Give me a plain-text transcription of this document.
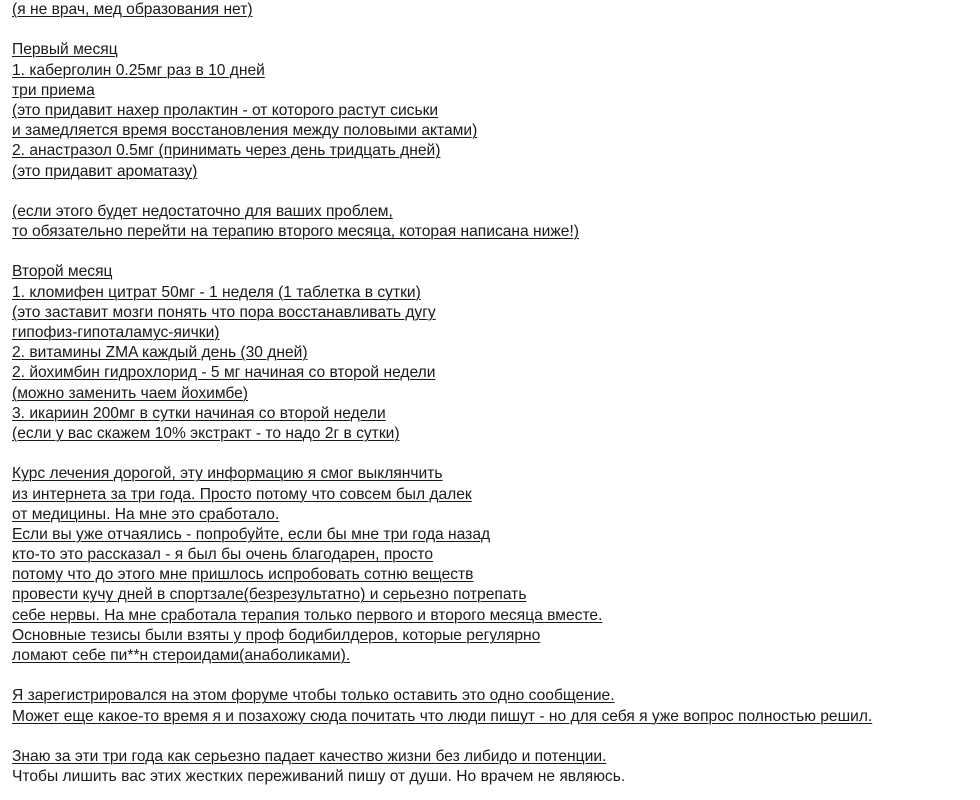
(я не врач, мед образования нет)
Первый месяц
1. каберголин 0.25мг раз в 10 дней
три приема
(это придавит нахер пролактин - от которого растут сиськи
и замедляется время восстановления между половыми актами)
2. анастразол 0.5мг (принимать через день тридцать дней)
(это придавит ароматазу)
(если этого будет недостаточно для ваших проблем,
то обязательно перейти на терапию второго месяца, которая написана ниже!)
Второй месяц
1. кломифен цитрат 50мг - 1 неделя (1 таблетка в сутки)
(это заставит мозги понять что пора восстанавливать дугу
гипофиз-гипоталамус-яички)
2. витамины ZMA каждый день (30 дней)
2. йохимбин гидрохлорид - 5 мг начиная со второй недели
(можно заменить чаем йохимбе)
3. икариин 200мг в сутки начиная со второй недели
(если у вас скажем 10% экстракт - то надо 2г в сутки)
Курс лечения дорогой, эту информацию я смог выклянчить
из интернета за три года. Просто потому что совсем был далек
от медицины. На мне это сработало.
Если вы уже отчаялись - попробуйте, если бы мне три года назад
кто-то это рассказал - я был бы очень благодарен, просто
потому что до этого мне пришлось испробовать сотню веществ
провести кучу дней в спортзале(безрезультатно) и серьезно потрепать
себе нервы. На мне сработала терапия только первого и второго месяца вместе.
Основные тезисы были взяты у проф бодибилдеров, которые регулярно
ломают себе пи**н стероидами(анаболиками).
Я зарегистрировался на этом форуме чтобы только оставить это одно сообщение.
Может еще какое-то время я и позахожу сюда почитать что люди пишут - но для себя я уже вопрос полностью решил.
Знаю за эти три года как серьезно падает качество жизни без либидо и потенции.
Чтобы лишить вас этих жестких переживаний пишу от души. Но врачем не являюсь.
